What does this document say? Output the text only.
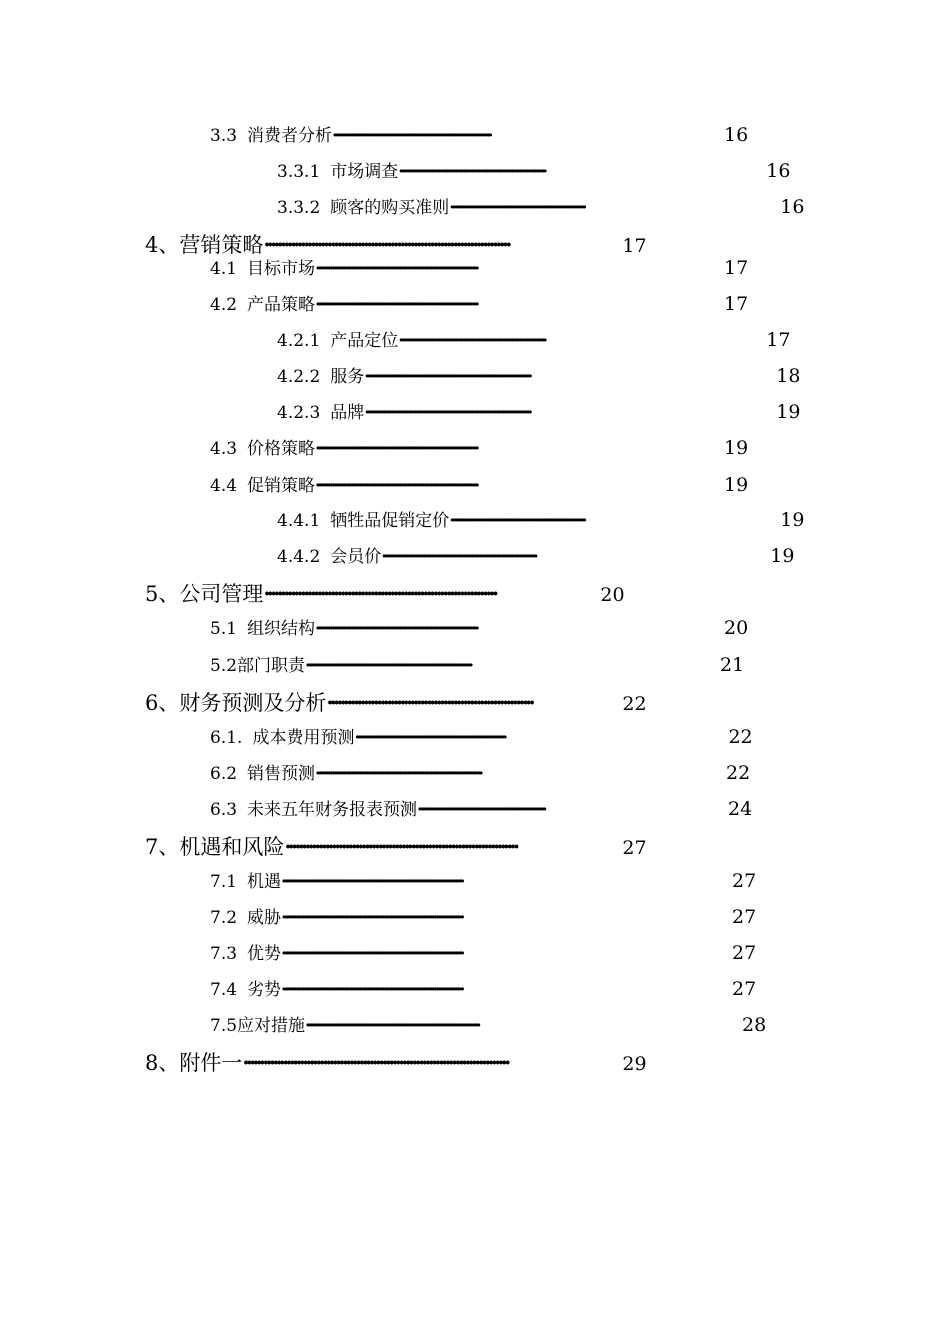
3.3 消费者分析 ··················································································	16
3.3.1 市场调查 ············································································	16
3.3.2 顾客的购买准则 ······································································	16
4、 营销策略 ··········································································	17
4.1 目标市场 ····················································································	17
4.2 产品策略 ····················································································	17
4.2.1 产品定位 ············································································	17
4.2.2 服务 ······················································································	18
4.2.3 品牌 ······················································································	19
4.3 价格策略 ····················································································	19
4.4 促销策略 ····················································································	19
4.4.1 牺牲品促销定价 ······································································	19
4.4.2 会员价 ················································································	19
5、 公司管理 ······································································	20
5.1 组织结构 ····················································································	20
5.2 部门职责 ······················································································	21
6、 财务预测及分析 ······························································	22
6.1. 成本费用预测 ··············································································	22
6.2 销售预测 ······················································································	22
6.3 未来五年财务报表预测 ··································································	24
7、 机遇和风险 ······································································	27
7.1 机遇 ······························································································	27
7.2 威胁 ······························································································	27
7.3 优势 ······························································································	27
7.4 劣势 ······························································································	27
7.5 应对措施 ··························································································	28
8、 附件一 ················································································	29
